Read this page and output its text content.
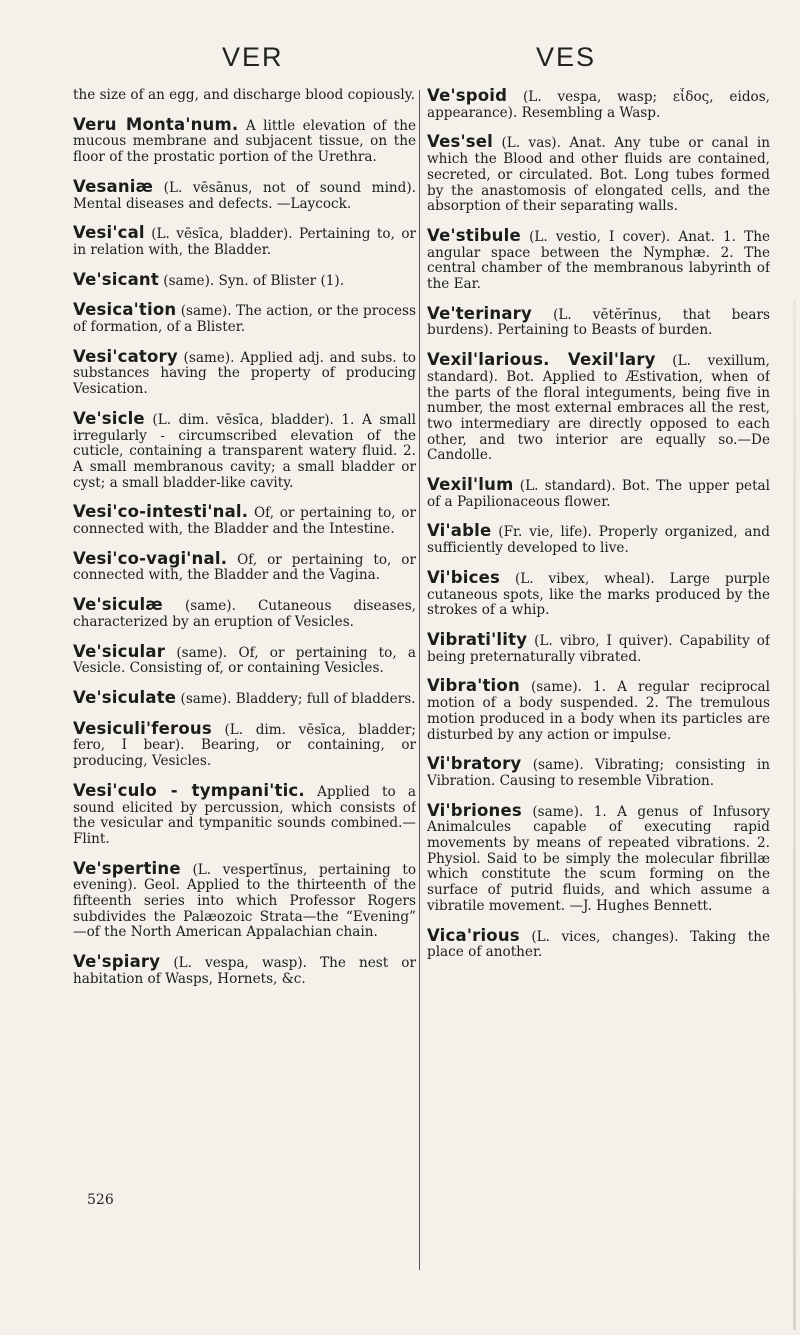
VER	VES

the size of an egg, and discharge blood copiously.

Veru Monta'num. A little elevation of the mucous membrane and subjacent tissue, on the floor of the prostatic portion of the Urethra.

Vesaniæ (L. vēsānus, not of sound mind). Mental diseases and defects. —Laycock.

Vesi'cal (L. vēsīca, bladder). Pertaining to, or in relation with, the Bladder.

Ve'sicant (same). Syn. of Blister (1).

Vesica'tion (same). The action, or the process of formation, of a Blister.

Vesi'catory (same). Applied adj. and subs. to substances having the property of producing Vesication.

Ve'sicle (L. dim. vēsīca, bladder). 1. A small irregularly - circumscribed elevation of the cuticle, containing a transparent watery fluid. 2. A small membranous cavity; a small bladder or cyst; a small bladder-like cavity.

Vesi'co-intesti'nal. Of, or pertaining to, or connected with, the Bladder and the Intestine.

Vesi'co-vagi'nal. Of, or pertaining to, or connected with, the Bladder and the Vagina.

Ve'siculæ (same). Cutaneous diseases, characterized by an eruption of Vesicles.

Ve'sicular (same). Of, or pertaining to, a Vesicle. Consisting of, or containing Vesicles.

Ve'siculate (same). Bladdery; full of bladders.

Vesiculi'ferous (L. dim. vēsīca, bladder; fero, I bear). Bearing, or containing, or producing, Vesicles.

Vesi'culo - tympani'tic. Applied to a sound elicited by percussion, which consists of the vesicular and tympanitic sounds combined.—Flint.

Ve'spertine (L. vespertīnus, pertaining to evening). Geol. Applied to the thirteenth of the fifteenth series into which Professor Rogers subdivides the Palæozoic Strata—the “Evening” —of the North American Appalachian chain.

Ve'spiary (L. vespa, wasp). The nest or habitation of Wasps, Hornets, &c.

Ve'spoid (L. vespa, wasp; εἶδος, eidos, appearance). Resembling a Wasp.

Ves'sel (L. vas). Anat. Any tube or canal in which the Blood and other fluids are contained, secreted, or circulated. Bot. Long tubes formed by the anastomosis of elongated cells, and the absorption of their separating walls.

Ve'stibule (L. vestio, I cover). Anat. 1. The angular space between the Nymphæ. 2. The central chamber of the membranous labyrinth of the Ear.

Ve'terinary (L. vĕtĕrīnus, that bears burdens). Pertaining to Beasts of burden.

Vexil'larious. Vexil'lary (L. vexillum, standard). Bot. Applied to Æstivation, when of the parts of the floral integuments, being five in number, the most external embraces all the rest, two intermediary are directly opposed to each other, and two interior are equally so.—De Candolle.

Vexil'lum (L. standard). Bot. The upper petal of a Papilionaceous flower.

Vi'able (Fr. vie, life). Properly organized, and sufficiently developed to live.

Vi'bices (L. vibex, wheal). Large purple cutaneous spots, like the marks produced by the strokes of a whip.

Vibrati'lity (L. vibro, I quiver). Capability of being preternaturally vibrated.

Vibra'tion (same). 1. A regular reciprocal motion of a body suspended. 2. The tremulous motion produced in a body when its particles are disturbed by any action or impulse.

Vi'bratory (same). Vibrating; consisting in Vibration. Causing to resemble Vibration.

Vi'briones (same). 1. A genus of Infusory Animalcules capable of executing rapid movements by means of repeated vibrations. 2. Physiol. Said to be simply the molecular fibrillæ which constitute the scum forming on the surface of putrid fluids, and which assume a vibratile movement. —J. Hughes Bennett.

Vica'rious (L. vices, changes). Taking the place of another.

526
